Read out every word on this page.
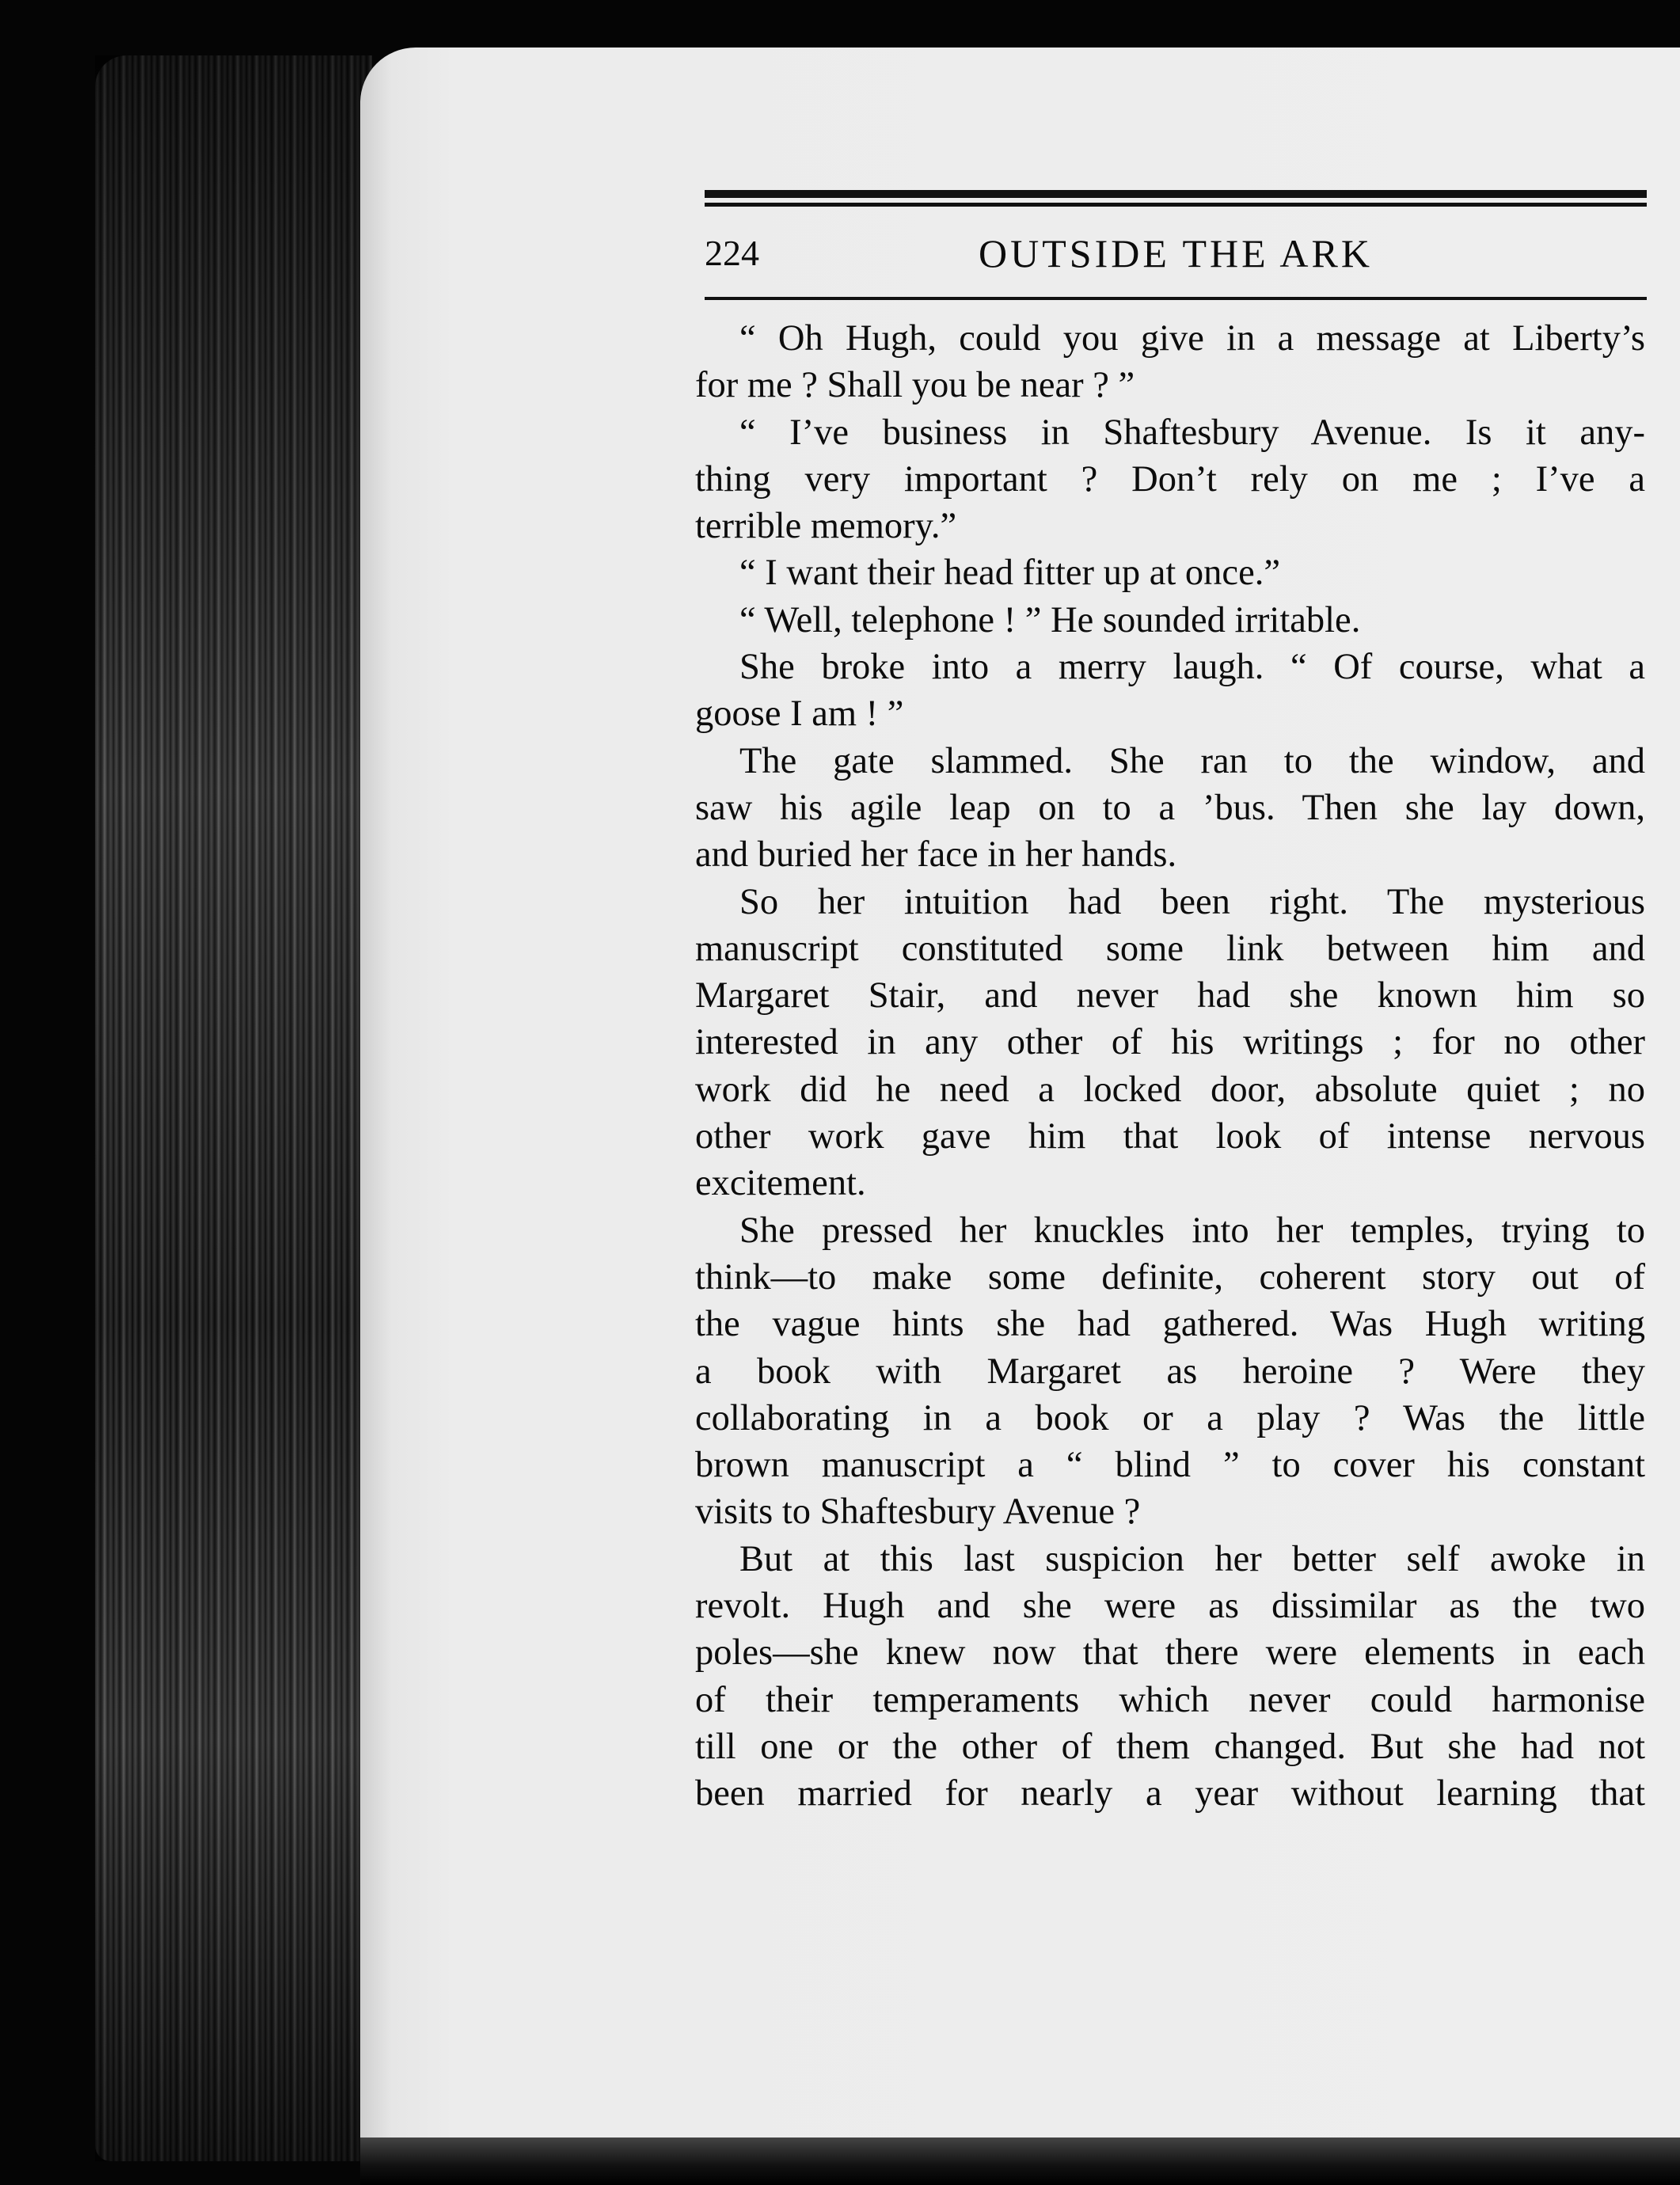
224	OUTSIDE THE ARK
“ Oh Hugh, could you give in a message at Liberty’s
for me ? Shall you be near ? ”
“ I’ve business in Shaftesbury Avenue. Is it any-
thing very important ? Don’t rely on me ; I’ve a
terrible memory.”
“ I want their head fitter up at once.”
“ Well, telephone ! ” He sounded irritable.
She broke into a merry laugh. “ Of course, what a
goose I am ! ”
The gate slammed. She ran to the window, and
saw his agile leap on to a ’bus. Then she lay down,
and buried her face in her hands.
So her intuition had been right. The mysterious
manuscript constituted some link between him and
Margaret Stair, and never had she known him so
interested in any other of his writings ; for no other
work did he need a locked door, absolute quiet ; no
other work gave him that look of intense nervous
excitement.
She pressed her knuckles into her temples, trying to
think—to make some definite, coherent story out of
the vague hints she had gathered. Was Hugh writing
a book with Margaret as heroine ? Were they
collaborating in a book or a play ? Was the little
brown manuscript a “ blind ” to cover his constant
visits to Shaftesbury Avenue ?
But at this last suspicion her better self awoke in
revolt. Hugh and she were as dissimilar as the two
poles—she knew now that there were elements in each
of their temperaments which never could harmonise
till one or the other of them changed. But she had not
been married for nearly a year without learning that
